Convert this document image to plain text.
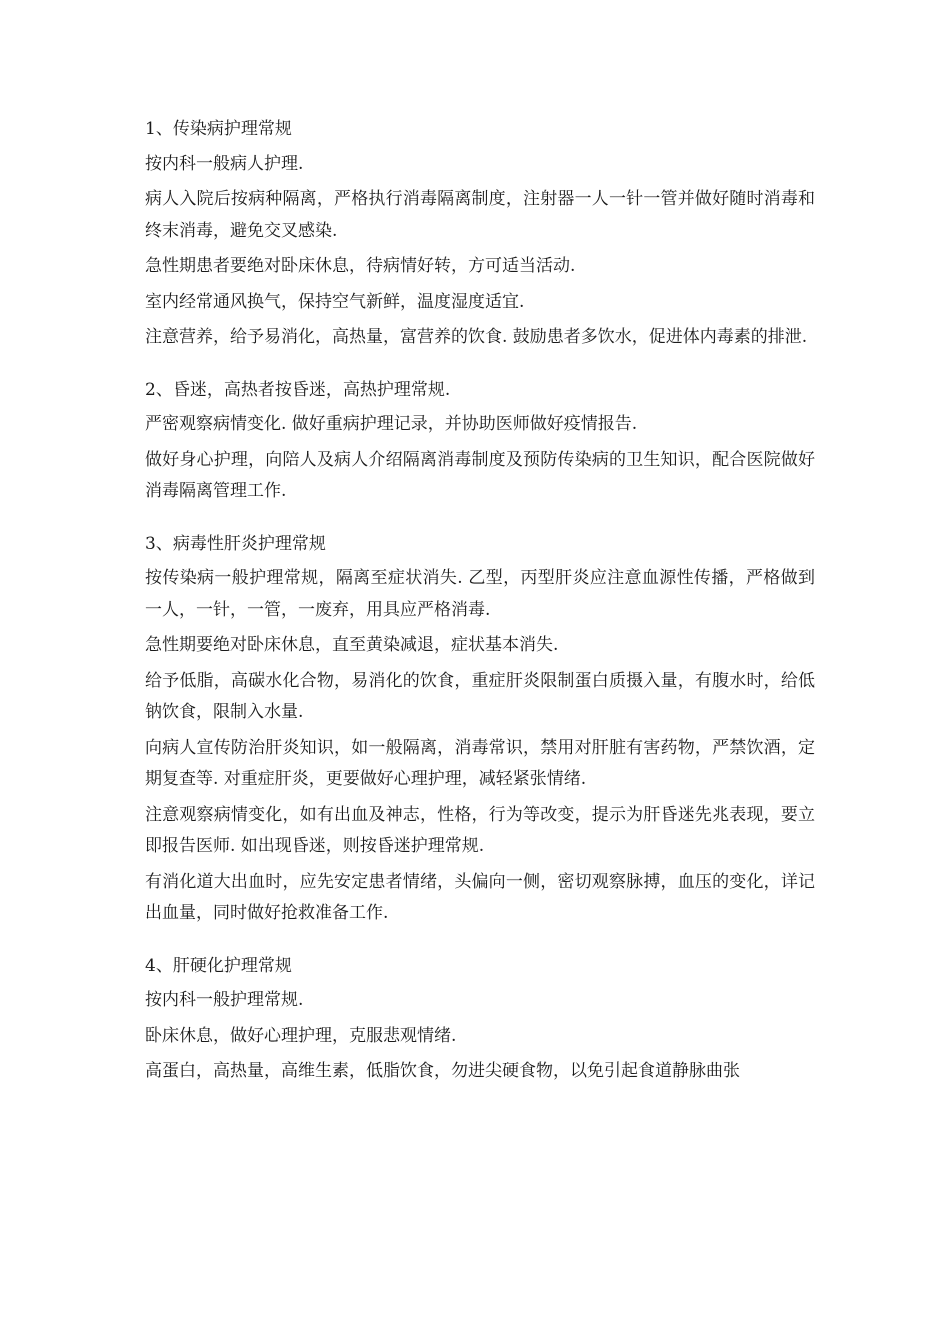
1、传染病护理常规
按内科一般病人护理.
病人入院后按病种隔离，严格执行消毒隔离制度，注射器一人一针一管并做好随时消毒和终末消毒，避免交叉感染.
急性期患者要绝对卧床休息，待病情好转，方可适当活动.
室内经常通风换气，保持空气新鲜，温度湿度适宜.
注意营养，给予易消化，高热量，富营养的饮食. 鼓励患者多饮水，促进体内毒素的排泄.
2、昏迷，高热者按昏迷，高热护理常规.
严密观察病情变化. 做好重病护理记录，并协助医师做好疫情报告.
做好身心护理，向陪人及病人介绍隔离消毒制度及预防传染病的卫生知识，配合医院做好消毒隔离管理工作.
3、病毒性肝炎护理常规
按传染病一般护理常规，隔离至症状消失. 乙型，丙型肝炎应注意血源性传播，严格做到一人，一针，一管，一废弃，用具应严格消毒.
急性期要绝对卧床休息，直至黄染减退，症状基本消失.
给予低脂，高碳水化合物，易消化的饮食，重症肝炎限制蛋白质摄入量，有腹水时，给低钠饮食，限制入水量.
向病人宣传防治肝炎知识，如一般隔离，消毒常识，禁用对肝脏有害药物，严禁饮酒，定期复查等. 对重症肝炎，更要做好心理护理，减轻紧张情绪.
注意观察病情变化，如有出血及神志，性格，行为等改变，提示为肝昏迷先兆表现，要立即报告医师. 如出现昏迷，则按昏迷护理常规.
有消化道大出血时，应先安定患者情绪，头偏向一侧，密切观察脉搏，血压的变化，详记出血量，同时做好抢救准备工作.
4、肝硬化护理常规
按内科一般护理常规.
卧床休息，做好心理护理，克服悲观情绪.
高蛋白，高热量，高维生素，低脂饮食，勿进尖硬食物，以免引起食道静脉曲张
